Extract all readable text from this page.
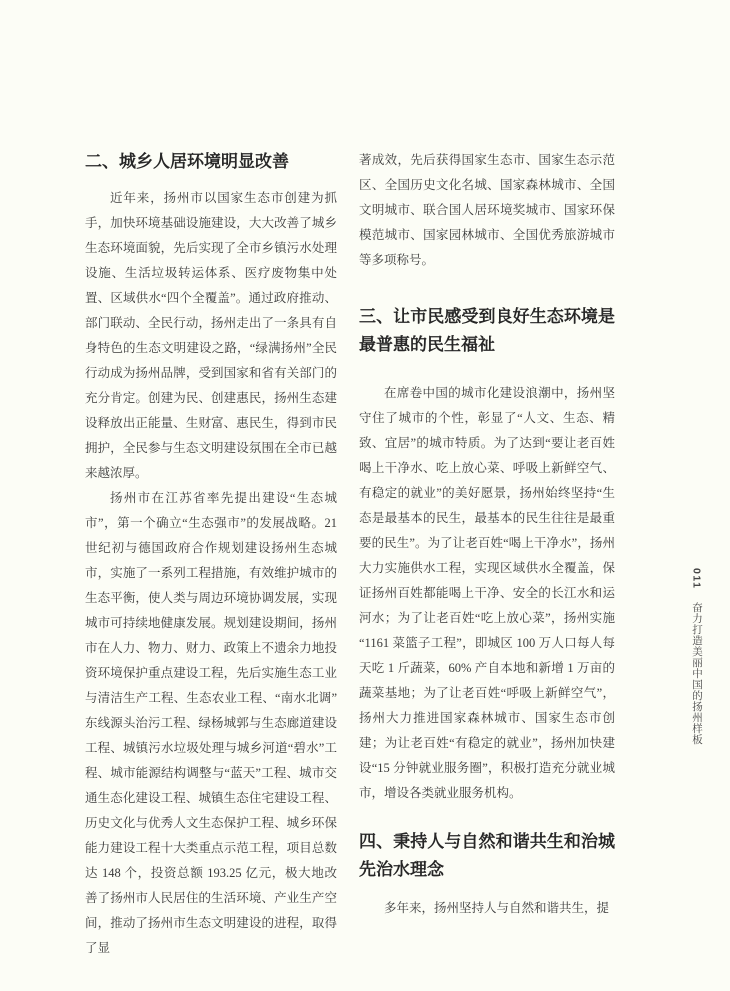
二、城乡人居环境明显改善

近年来，扬州市以国家生态市创建为抓手，加快环境基础设施建设，大大改善了城乡生态环境面貌，先后实现了全市乡镇污水处理设施、生活垃圾转运体系、医疗废物集中处置、区域供水“四个全覆盖”。通过政府推动、部门联动、全民行动，扬州走出了一条具有自身特色的生态文明建设之路，“绿满扬州”全民行动成为扬州品牌，受到国家和省有关部门的充分肯定。创建为民、创建惠民，扬州生态建设释放出正能量、生财富、惠民生，得到市民拥护，全民参与生态文明建设氛围在全市已越来越浓厚。

扬州市在江苏省率先提出建设“生态城市”，第一个确立“生态强市”的发展战略。21 世纪初与德国政府合作规划建设扬州生态城市，实施了一系列工程措施，有效维护城市的生态平衡，使人类与周边环境协调发展，实现城市可持续地健康发展。规划建设期间，扬州市在人力、物力、财力、政策上不遗余力地投资环境保护重点建设工程，先后实施生态工业与清洁生产工程、生态农业工程、“南水北调”东线源头治污工程、绿杨城郭与生态廊道建设工程、城镇污水垃圾处理与城乡河道“碧水”工程、城市能源结构调整与“蓝天”工程、城市交通生态化建设工程、城镇生态住宅建设工程、历史文化与优秀人文生态保护工程、城乡环保能力建设工程十大类重点示范工程，项目总数达 148 个，投资总额 193.25 亿元，极大地改善了扬州市人民居住的生活环境、产业生产空间，推动了扬州市生态文明建设的进程，取得了显

著成效，先后获得国家生态市、国家生态示范区、全国历史文化名城、国家森林城市、全国文明城市、联合国人居环境奖城市、国家环保模范城市、国家园林城市、全国优秀旅游城市等多项称号。

三、让市民感受到良好生态环境是最普惠的民生福祉

在席卷中国的城市化建设浪潮中，扬州坚守住了城市的个性，彰显了“人文、生态、精致、宜居”的城市特质。为了达到“要让老百姓喝上干净水、吃上放心菜、呼吸上新鲜空气、有稳定的就业”的美好愿景，扬州始终坚持“生态是最基本的民生，最基本的民生往往是最重要的民生”。为了让老百姓“喝上干净水”，扬州大力实施供水工程，实现区域供水全覆盖，保证扬州百姓都能喝上干净、安全的长江水和运河水；为了让老百姓“吃上放心菜”，扬州实施“1161 菜篮子工程”，即城区 100 万人口每人每天吃 1 斤蔬菜，60% 产自本地和新增 1 万亩的蔬菜基地；为了让老百姓“呼吸上新鲜空气”，扬州大力推进国家森林城市、国家生态市创建；为让老百姓“有稳定的就业”，扬州加快建设“15 分钟就业服务圈”，积极打造充分就业城市，增设各类就业服务机构。

四、秉持人与自然和谐共生和治城先治水理念

多年来，扬州坚持人与自然和谐共生，提

011
奋力打造美丽中国的扬州样板
